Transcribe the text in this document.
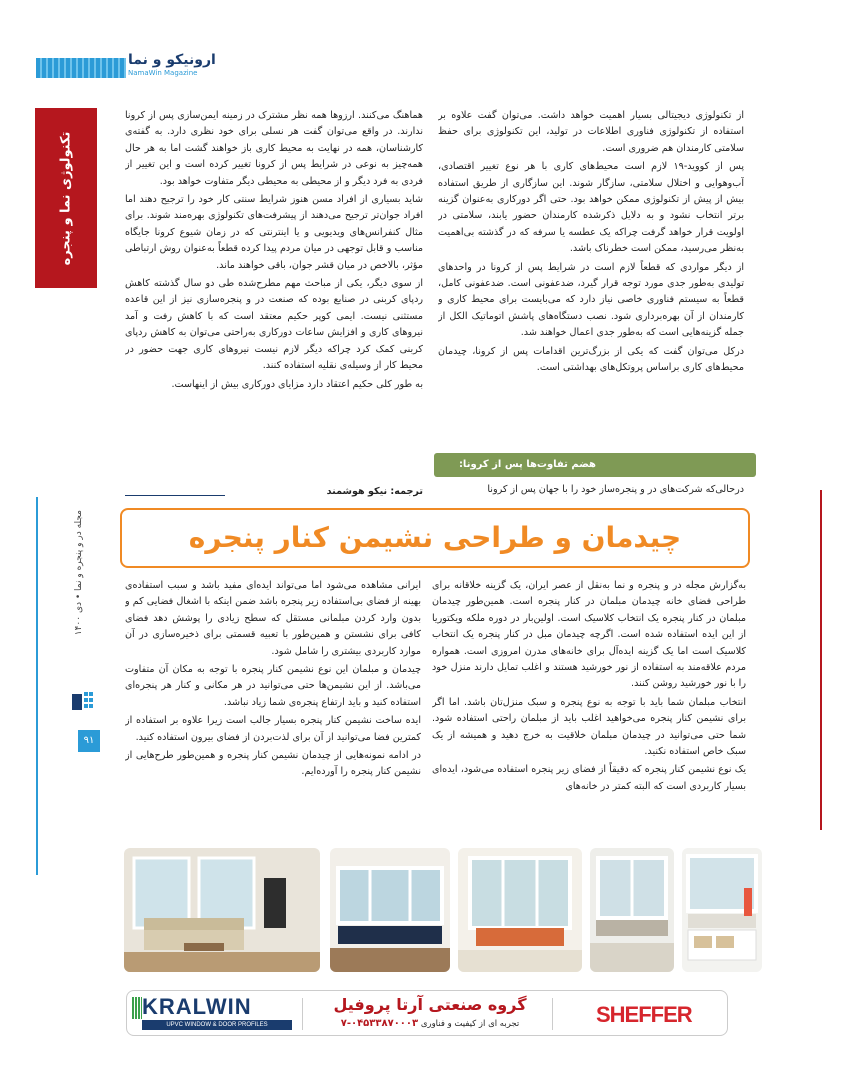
ارونیکو و نما
NamaWin Magazine
تکنولوژی نما و پنجره
مجله در و پنجره و نما • دی ۱۴۰۰
۹۱

از تکنولوژی دیجیتالی بسیار اهمیت خواهد داشت. می‌توان گفت علاوه بر استفاده از تکنولوژی فناوری اطلاعات در تولید، این تکنولوژی برای حفظ سلامتی کارمندان هم ضروری است.

پس از کووید-۱۹ لازم است محیط‌های کاری با هر نوع تغییر اقتصادی، آب‌وهوایی و اختلال سلامتی، سازگار شوند. این سازگاری از طریق استفاده بیش از پیش از تکنولوژی ممکن خواهد بود. حتی اگر دورکاری به‌عنوان گزینه برتر انتخاب نشود و به دلایل ذکرشده کارمندان حضور یابند، سلامتی در اولویت قرار خواهد گرفت چراکه یک عطسه یا سرفه که در گذشته بی‌اهمیت به‌نظر می‌رسید، ممکن است خطرناک باشد.

از دیگر مواردی که قطعاً لازم است در شرایط پس از کرونا در واحدهای تولیدی به‌طور جدی مورد توجه قرار گیرد، ضدعفونی است. ضدعفونی کامل، قطعاً به سیستم فناوری خاصی نیاز دارد که می‌بایست برای محیط کاری و کارمندان از آن بهره‌برداری شود. نصب دستگاه‌های پاشش اتوماتیک الکل از جمله گزینه‌هایی است که به‌طور جدی اعمال خواهند شد.

درکل می‌توان گفت که یکی از بزرگ‌ترین اقدامات پس از کرونا، چیدمان محیط‌های کاری براساس پروتکل‌های بهداشتی است.

هضم تفاوت‌ها پس از کرونا:
درحالی‌که شرکت‌های در و پنجره‌ساز خود را با جهان پس از کرونا

هماهنگ می‌کنند. ارزوها همه نظر مشترک در زمینه ایمن‌سازی پس از کرونا ندارند. در واقع می‌توان گفت هر نسلی برای خود نظری دارد. به گفته‌ی کارشناسان، همه در نهایت به محیط کاری باز خواهند گشت اما به هر حال همه‌چیز به نوعی در شرایط پس از کرونا تغییر کرده است و این تغییر از فردی به فرد دیگر و از محیطی به محیطی دیگر متفاوت خواهد بود.

شاید بسیاری از افراد مسن هنوز شرایط سنتی کار خود را ترجیح دهند اما افراد جوان‌تر ترجیح می‌دهند از پیشرفت‌های تکنولوژی بهره‌مند شوند. برای مثال کنفرانس‌های ویدیویی و یا اینترنتی که در زمان شیوع کرونا جایگاه مناسب و قابل توجهی در میان مردم پیدا کرده قطعاً به‌عنوان روش ارتباطی مؤثر، بالاخص در میان قشر جوان، باقی خواهند ماند.

از سوی دیگر، یکی از مباحث مهم مطرح‌شده طی دو سال گذشته کاهش ردپای کربنی در صنایع بوده که صنعت در و پنجره‌سازی نیز از این قاعده مستثنی نیست. ایمی کوپر حکیم معتقد است که با کاهش رفت و آمد نیروهای کاری و افزایش ساعات دورکاری به‌راحتی می‌توان به کاهش ردپای کربنی کمک کرد چراکه دیگر لازم نیست نیروهای کاری جهت حضور در محیط کار از وسیله‌ی نقلیه استفاده کنند.

به طور کلی حکیم اعتقاد دارد مزایای دورکاری بیش از اینهاست.

ترجمه: نیکو هوشمند
چیدمان و طراحی نشیمن کنار پنجره

به‌گزارش مجله در و پنجره و نما به‌نقل از عصر ایران، یک گزینه خلاقانه برای طراحی فضای خانه چیدمان مبلمان در کنار پنجره است. همین‌طور چیدمان مبلمان در کنار پنجره یک انتخاب کلاسیک است. اولین‌بار در دوره ملکه ویکتوریا از این ایده استفاده شده است. اگرچه چیدمان مبل در کنار پنجره یک انتخاب کلاسیک است اما یک گزینه ایده‌آل برای خانه‌های مدرن امروزی است. همواره مردم علاقه‌مند به استفاده از نور خورشید هستند و اغلب تمایل دارند منزل خود را با نور خورشید روشن کنند.

انتخاب مبلمان شما باید با توجه به نوع پنجره و سبک منزل‌تان باشد. اما اگر برای نشیمن کنار پنجره می‌خواهید اغلب باید از مبلمان راحتی استفاده شود. شما حتی می‌توانید در چیدمان مبلمان خلاقیت به خرج دهید و همیشه از یک سبک خاص استفاده نکنید.

یک نوع نشیمن کنار پنجره که دقیقاً از فضای زیر پنجره استفاده می‌شود، ایده‌ای بسیار کاربردی است که البته کمتر در خانه‌های

ایرانی مشاهده می‌شود اما می‌تواند ایده‌ای مفید باشد و سبب استفاده‌ی بهینه از فضای بی‌استفاده زیر پنجره باشد ضمن اینکه با اشغال فضایی کم و بدون وارد کردن مبلمانی مستقل که سطح زیادی را پوشش دهد فضای کافی برای نشستن و همین‌طور با تعبیه قسمتی برای ذخیره‌سازی در آن موارد کاربردی بیشتری را شامل شود.

چیدمان و مبلمان این نوع نشیمن کنار پنجره با توجه به مکان آن متفاوت می‌باشد. از این نشیمن‌ها حتی می‌توانید در هر مکانی و کنار هر پنجره‌ای استفاده کنید و باید ارتفاع پنجره‌ی شما زیاد نباشد.

ایده ساخت نشیمن کنار پنجره بسیار جالب است زیرا علاوه بر استفاده از کمترین فضا می‌توانید از آن برای لذت‌بردن از فضای بیرون استفاده کنید.

در ادامه نمونه‌هایی از چیدمان نشیمن کنار پنجره و همین‌طور طرح‌هایی از نشیمن کنار پنجره را آورده‌ایم.

KRALWIN
UPVC WINDOW & DOOR PROFILES
گروه صنعتی آرتا پروفیل
تجربه ای از کیفیت و فناوری ۰۴۵۳۳۸۷۰۰۰۳-۷	SHEFFER
